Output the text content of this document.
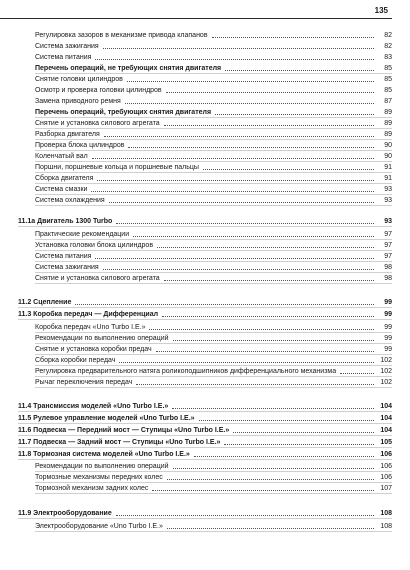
135
Регулировка зазоров в механизме привода клапанов	82
Система зажигания	82
Система питания	83
Перечень операций, не требующих снятия двигателя	85
Снятие головки цилиндров	85
Осмотр и проверка головки цилиндров	85
Замена приводного ремня	87
Перечень операций, требующих снятия двигателя	89
Снятие и установка силового агрегата	89
Разборка двигателя	89
Проверка блока цилиндров	90
Коленчатый вал	90
Поршни, поршневые кольца и поршневые пальцы	91
Сборка двигателя	91
Система смазки	93
Система охлаждения	93
11.1а Двигатель 1300 Turbo	93
Практические рекомендации	97
Установка головки блока цилиндров	97
Система питания	97
Система зажигания	98
Снятие и установка силового агрегата	98
11.2 Сцепление	99
11.3 Коробка передач — Дифференциал	99
Коробка передач «Uno Turbo I.E.»	99
Рекомендации по выполнению операций	99
Снятие и установка коробки предач	99
Сборка коробки передач	102
Регулировка предварительного натяга роликоподшипников дифференциального механизма	102
Рычаг переключения передач	102
11.4 Трансмиссия моделей «Uno Turbo I.E.»	104
11.5 Рулевое управление моделей «Uno Turbo I.E.»	104
11.6 Подвеска — Передний мост — Ступицы «Uno Turbo I.E.»	104
11.7 Подвеска — Задний мост — Ступицы «Uno Turbo I.E.»	105
11.8 Тормозная система моделей «Uno Turbo I.E.»	106
Рекомендации по выполнению операций	106
Тормозные механизмы передних колес	106
Тормозной механизм задних колес	107
11.9 Электрооборудование	108
Электрооборудование «Uno Turbo I.E.»	108
